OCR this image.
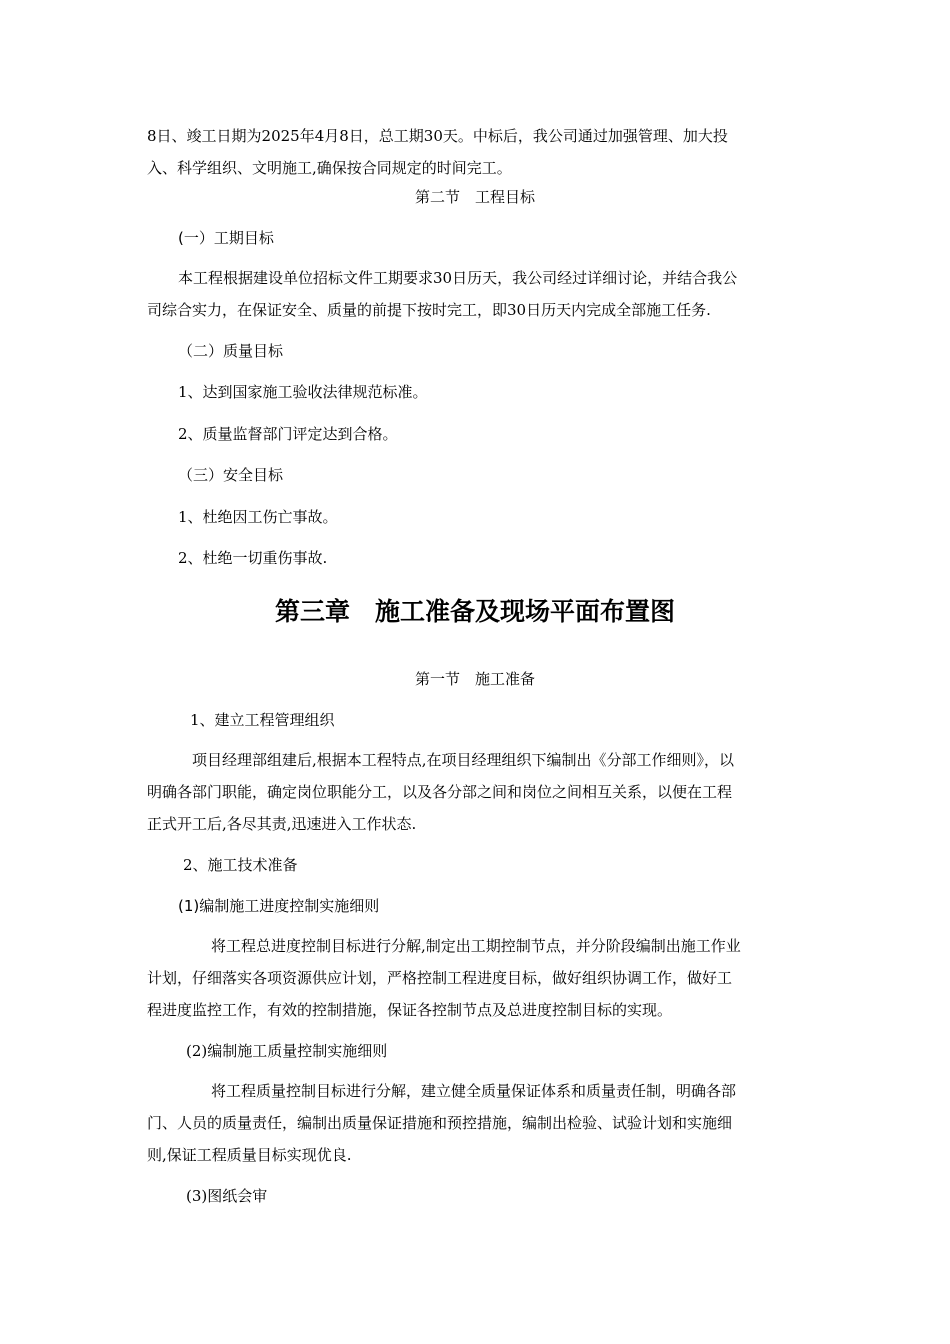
8日、竣工日期为2025年4月8日，总工期30天。中标后，我公司通过加强管理、加大投
入、科学组织、文明施工,确保按合同规定的时间完工。
第二节　工程目标
(一）工期目标
本工程根据建设单位招标文件工期要求30日历天，我公司经过详细讨论，并结合我公
司综合实力，在保证安全、质量的前提下按时完工，即30日历天内完成全部施工任务.
（二）质量目标
1、达到国家施工验收法律规范标准。
2、质量监督部门评定达到合格。
（三）安全目标
1、杜绝因工伤亡事故。
2、杜绝一切重伤事故.
第三章　施工准备及现场平面布置图
第一节　施工准备
1、建立工程管理组织
项目经理部组建后,根据本工程特点,在项目经理组织下编制出《分部工作细则》，以
明确各部门职能，确定岗位职能分工，以及各分部之间和岗位之间相互关系，以便在工程
正式开工后,各尽其责,迅速进入工作状态.
2、施工技术准备
(1)编制施工进度控制实施细则
将工程总进度控制目标进行分解,制定出工期控制节点，并分阶段编制出施工作业
计划，仔细落实各项资源供应计划，严格控制工程进度目标，做好组织协调工作，做好工
程进度监控工作，有效的控制措施，保证各控制节点及总进度控制目标的实现。
(2)编制施工质量控制实施细则
将工程质量控制目标进行分解，建立健全质量保证体系和质量责任制，明确各部
门、人员的质量责任，编制出质量保证措施和预控措施，编制出检验、试验计划和实施细
则,保证工程质量目标实现优良.
(3)图纸会审
